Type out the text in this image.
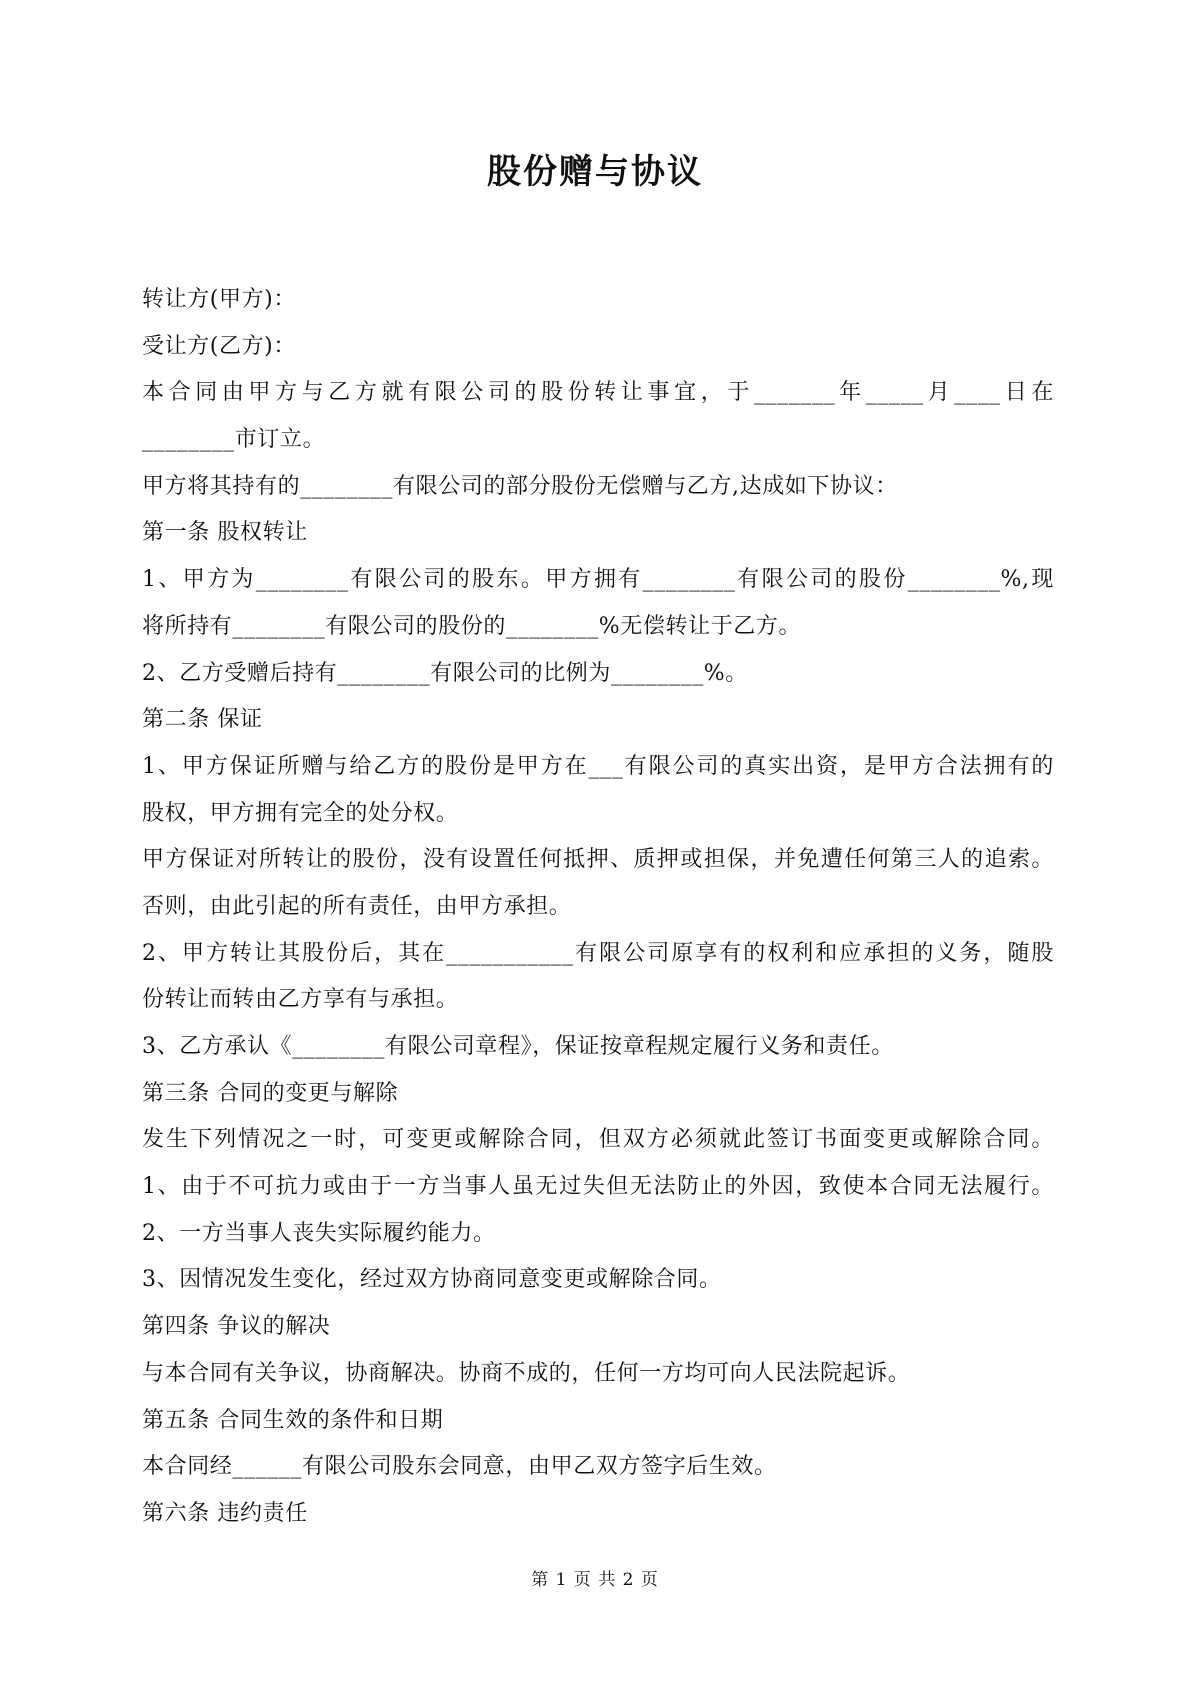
股份赠与协议
转让方(甲方)：
受让方(乙方)：
本合同由甲方与乙方就有限公司的股份转让事宜，于_______年_____月____日在
________市订立。
甲方将其持有的________有限公司的部分股份无偿赠与乙方,达成如下协议：
第一条 股权转让
1、甲方为________有限公司的股东。甲方拥有________有限公司的股份________%,现
将所持有________有限公司的股份的________%无偿转让于乙方。
2、乙方受赠后持有________有限公司的比例为________%。
第二条 保证
1、甲方保证所赠与给乙方的股份是甲方在___有限公司的真实出资，是甲方合法拥有的
股权，甲方拥有完全的处分权。
甲方保证对所转让的股份，没有设置任何抵押、质押或担保，并免遭任何第三人的追索。
否则，由此引起的所有责任，由甲方承担。
2、甲方转让其股份后，其在___________有限公司原享有的权利和应承担的义务，随股
份转让而转由乙方享有与承担。
3、乙方承认《________有限公司章程》，保证按章程规定履行义务和责任。
第三条 合同的变更与解除
发生下列情况之一时，可变更或解除合同，但双方必须就此签订书面变更或解除合同。
1、由于不可抗力或由于一方当事人虽无过失但无法防止的外因，致使本合同无法履行。
2、一方当事人丧失实际履约能力。
3、因情况发生变化，经过双方协商同意变更或解除合同。
第四条 争议的解决
与本合同有关争议，协商解决。协商不成的，任何一方均可向人民法院起诉。
第五条 合同生效的条件和日期
本合同经______有限公司股东会同意，由甲乙双方签字后生效。
第六条 违约责任
第 1 页 共 2 页
